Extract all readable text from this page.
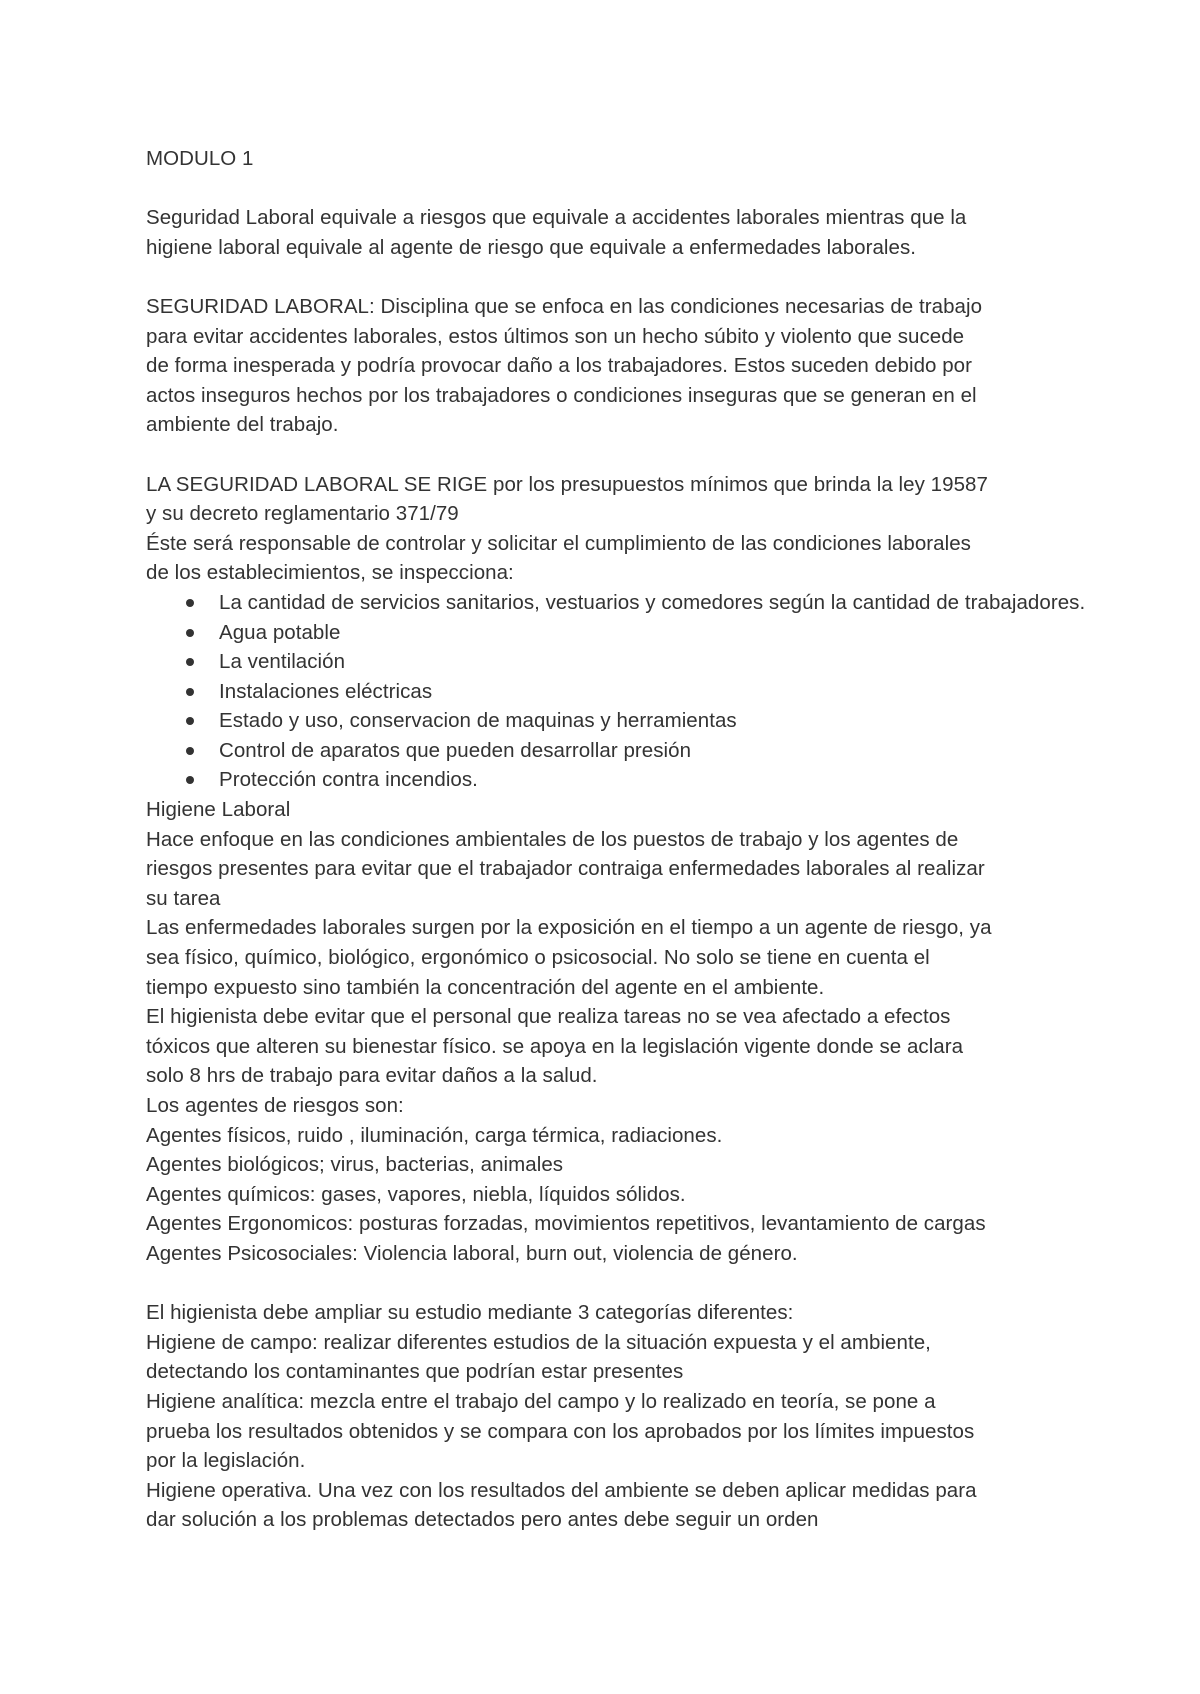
MODULO 1

Seguridad Laboral equivale a riesgos que equivale a accidentes laborales mientras que la

higiene laboral equivale al agente de riesgo que equivale a enfermedades laborales.

SEGURIDAD LABORAL: Disciplina que se enfoca en las condiciones necesarias de trabajo

para evitar accidentes laborales, estos últimos son un hecho súbito y violento que sucede

de forma inesperada y podría provocar daño a los trabajadores. Estos suceden debido por

actos inseguros hechos por los trabajadores o condiciones inseguras que se generan en el

ambiente del trabajo.

LA SEGURIDAD LABORAL SE RIGE por los presupuestos mínimos que brinda la ley 19587

y su decreto reglamentario 371/79

Éste será responsable de controlar y solicitar el cumplimiento de las condiciones laborales

de los establecimientos, se inspecciona:

La cantidad de servicios sanitarios, vestuarios y comedores según la cantidad de trabajadores.
Agua potable
La ventilación
Instalaciones eléctricas
Estado y uso, conservacion de maquinas y herramientas
Control de aparatos que pueden desarrollar presión
Protección contra incendios.

Higiene Laboral

Hace enfoque en las condiciones ambientales de los puestos de trabajo y los agentes de

riesgos presentes para evitar que el trabajador contraiga enfermedades laborales al realizar

su tarea

Las enfermedades laborales surgen por la exposición en el tiempo a un agente de riesgo, ya

sea físico, químico, biológico, ergonómico o psicosocial. No solo se tiene en cuenta el

tiempo expuesto sino también la concentración del agente en el ambiente.

El higienista debe evitar que el personal que realiza tareas no se vea afectado a efectos

tóxicos que alteren su bienestar físico. se apoya en la legislación vigente donde se aclara

solo 8 hrs de trabajo para evitar daños a la salud.

Los agentes de riesgos son:

Agentes físicos, ruido , iluminación, carga térmica, radiaciones.

Agentes biológicos; virus, bacterias, animales

Agentes químicos: gases, vapores, niebla, líquidos sólidos.

Agentes Ergonomicos: posturas forzadas, movimientos repetitivos, levantamiento de cargas

Agentes Psicosociales: Violencia laboral, burn out, violencia de género.

El higienista debe ampliar su estudio mediante 3 categorías diferentes:

Higiene de campo: realizar diferentes estudios de la situación expuesta y el ambiente,

detectando los contaminantes que podrían estar presentes

Higiene analítica: mezcla entre el trabajo del campo y lo realizado en teoría, se pone a

prueba los resultados obtenidos y se compara con los aprobados por los límites impuestos

por la legislación.

Higiene operativa. Una vez con los resultados del ambiente se deben aplicar medidas para

dar solución a los problemas detectados pero antes debe seguir un orden
